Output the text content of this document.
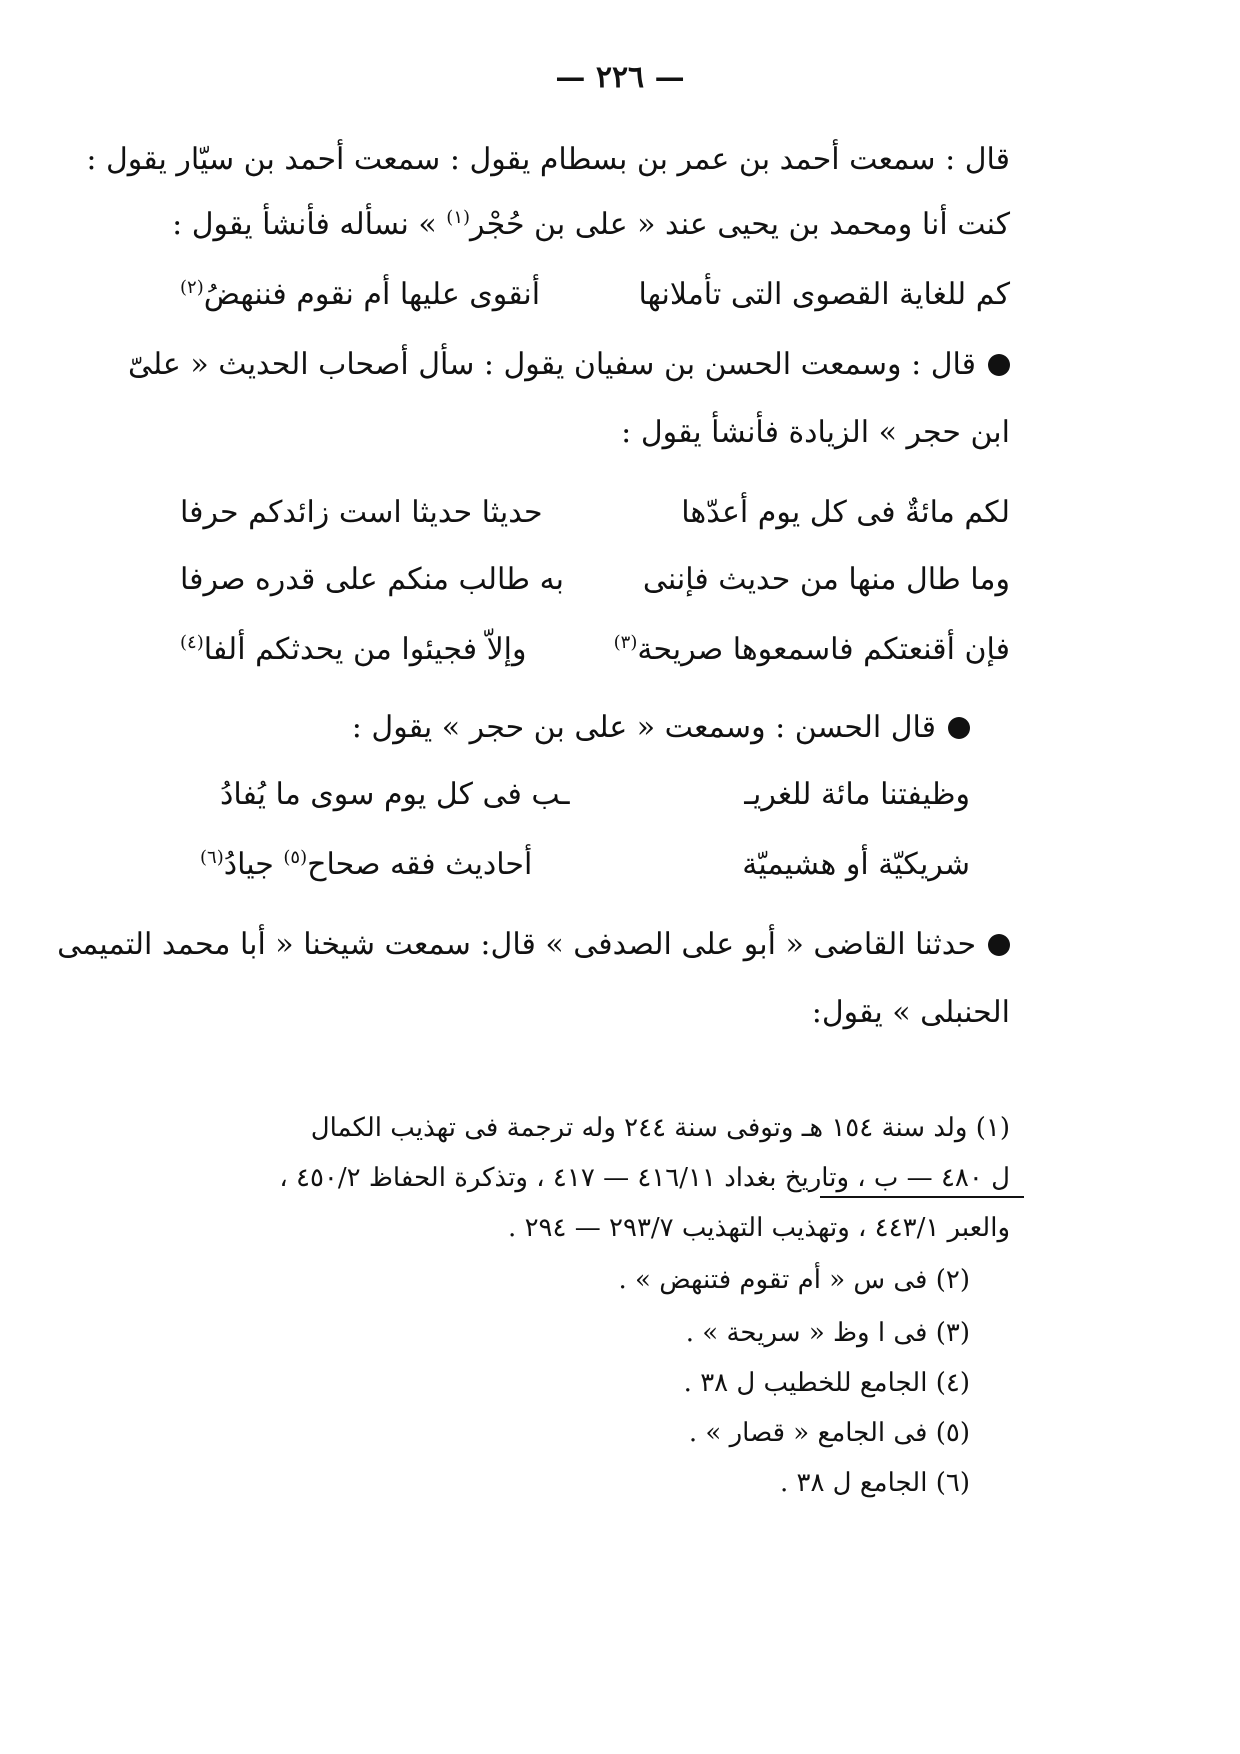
— ٢٢٦ —
قال : سمعت أحمد بن عمر بن بسطام يقول : سمعت أحمد بن سيّار يقول :
كنت أنا ومحمد بن يحيى عند « على بن حُجْر$^{(١)}$ » نسأله فأنشأ يقول :
كم للغاية القصوى التى تأملانها
أنقوى عليها أم نقوم فننهضُ$^{(٢)}$
قال : وسمعت الحسن بن سفيان يقول : سأل أصحاب الحديث « علىّ
ابن حجر » الزيادة فأنشأ يقول :
لكم مائةٌ فى كل يوم أعدّها
حديثا حديثا است زائدكم حرفا
وما طال منها من حديث فإننى
به طالب منكم على قدره صرفا
فإن أقنعتكم فاسمعوها صريحة$^{(٣)}$
وإلاّ فجيئوا من يحدثكم ألفا$^{(٤)}$
قال الحسن : وسمعت « على بن حجر » يقول :
وظيفتنا مائة للغريـ
ـب فى كل يوم سوى ما يُفادُ
شريكيّة أو هشيميّة
أحاديث فقه صحاح$^{(٥)}$ جيادُ$^{(٦)}$
حدثنا القاضى « أبو على الصدفى » قال: سمعت شيخنا « أبا محمد التميمى
الحنبلى » يقول:
(١) ولد سنة ١٥٤ هـ وتوفى سنة ٢٤٤ وله ترجمة فى تهذيب الكمال
ل ٤٨٠ — ب ، وتاريخ بغداد ٤١٦/١١ — ٤١٧ ، وتذكرة الحفاظ ٤٥٠/٢ ،
والعبر ٤٤٣/١ ، وتهذيب التهذيب ٢٩٣/٧ — ٢٩٤ .
(٢) فى س « أم تقوم فتنهض » .
(٣) فى ا وظ « سريحة » .
(٤) الجامع للخطيب ل ٣٨ .
(٥) فى الجامع « قصار » .
(٦) الجامع ل ٣٨ .
